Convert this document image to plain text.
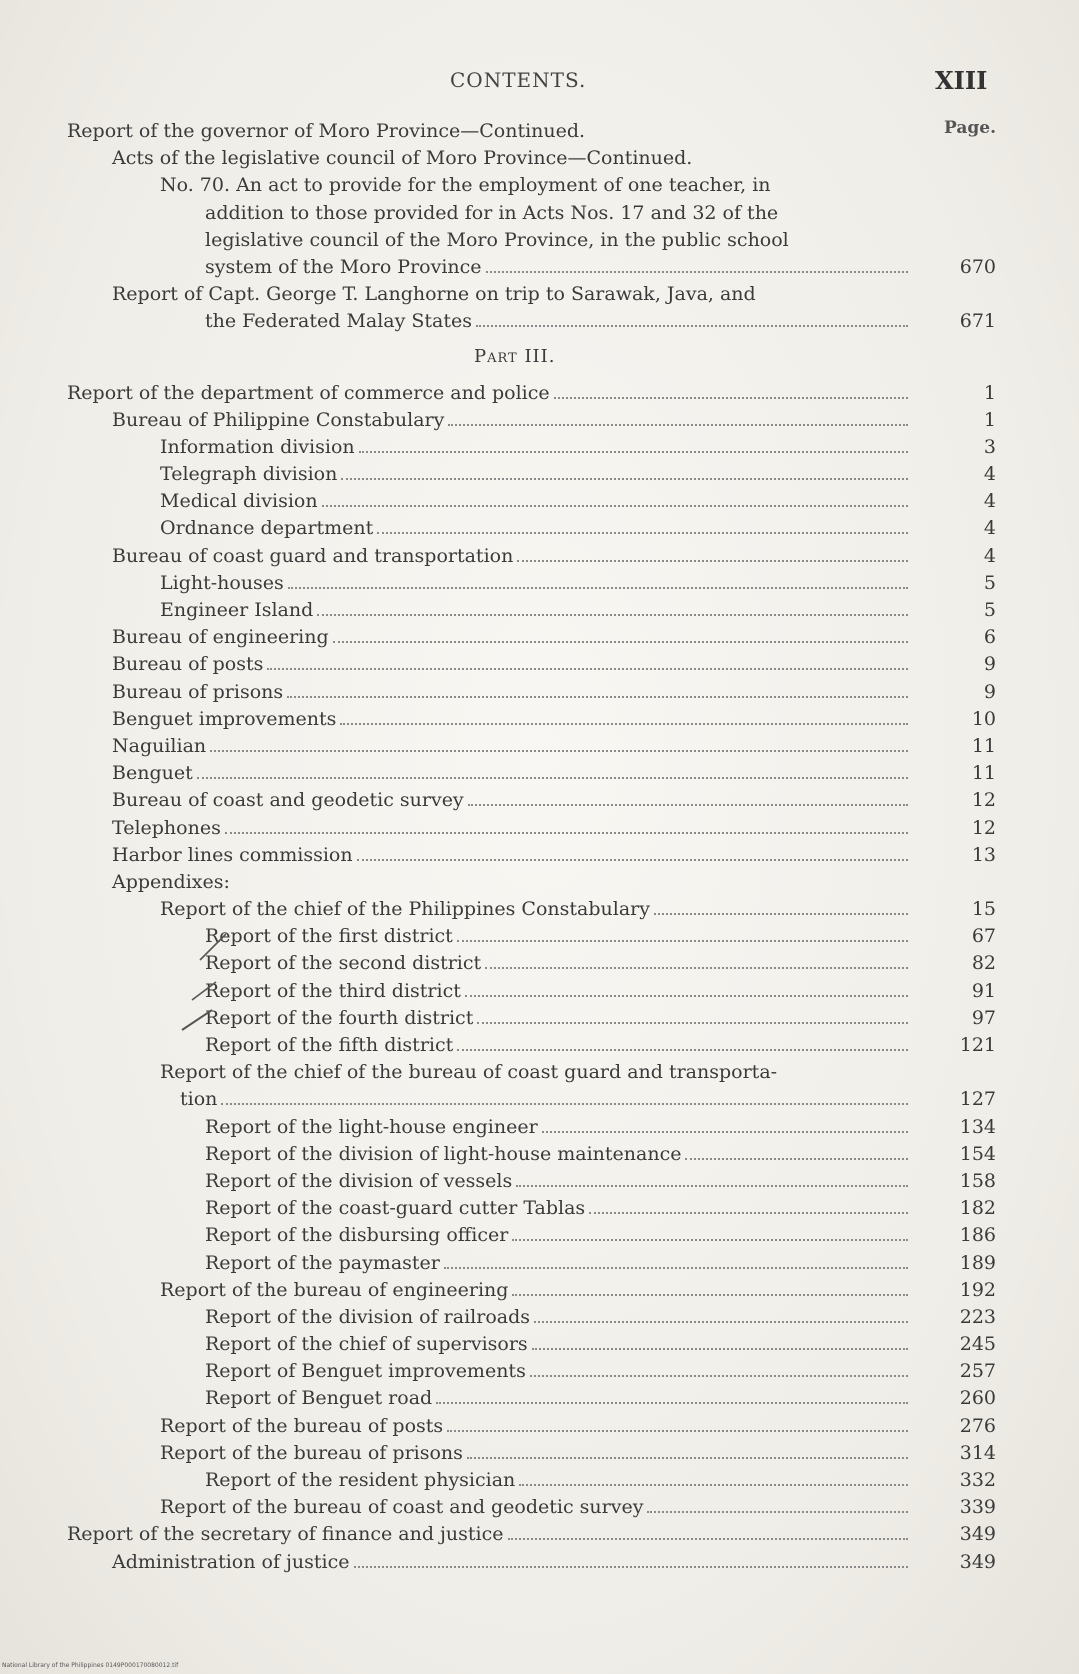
CONTENTS.	XIII
Page.
Report of the governor of Moro Province—Continued.
Acts of the legislative council of Moro Province—Continued.
No. 70. An act to provide for the employment of one teacher, in
addition to those provided for in Acts Nos. 17 and 32 of the
legislative council of the Moro Province, in the public school
system of the Moro Province	670
Report of Capt. George T. Langhorne on trip to Sarawak, Java, and
the Federated Malay States	671
Part III.
Report of the department of commerce and police	1
Bureau of Philippine Constabulary	1
Information division	3
Telegraph division	4
Medical division	4
Ordnance department	4
Bureau of coast guard and transportation	4
Light-houses	5
Engineer Island	5
Bureau of engineering	6
Bureau of posts	9
Bureau of prisons	9
Benguet improvements	10
Naguilian	11
Benguet	11
Bureau of coast and geodetic survey	12
Telephones	12
Harbor lines commission	13
Appendixes:
Report of the chief of the Philippines Constabulary	15
Report of the first district	67
Report of the second district	82
Report of the third district	91
Report of the fourth district	97
Report of the fifth district	121
Report of the chief of the bureau of coast guard and transporta-
tion	127
Report of the light-house engineer	134
Report of the division of light-house maintenance	154
Report of the division of vessels	158
Report of the coast-guard cutter Tablas	182
Report of the disbursing officer	186
Report of the paymaster	189
Report of the bureau of engineering	192
Report of the division of railroads	223
Report of the chief of supervisors	245
Report of Benguet improvements	257
Report of Benguet road	260
Report of the bureau of posts	276
Report of the bureau of prisons	314
Report of the resident physician	332
Report of the bureau of coast and geodetic survey	339
Report of the secretary of finance and justice	349
Administration of justice	349
National Library of the Philippines 0149P000170080012.tif
